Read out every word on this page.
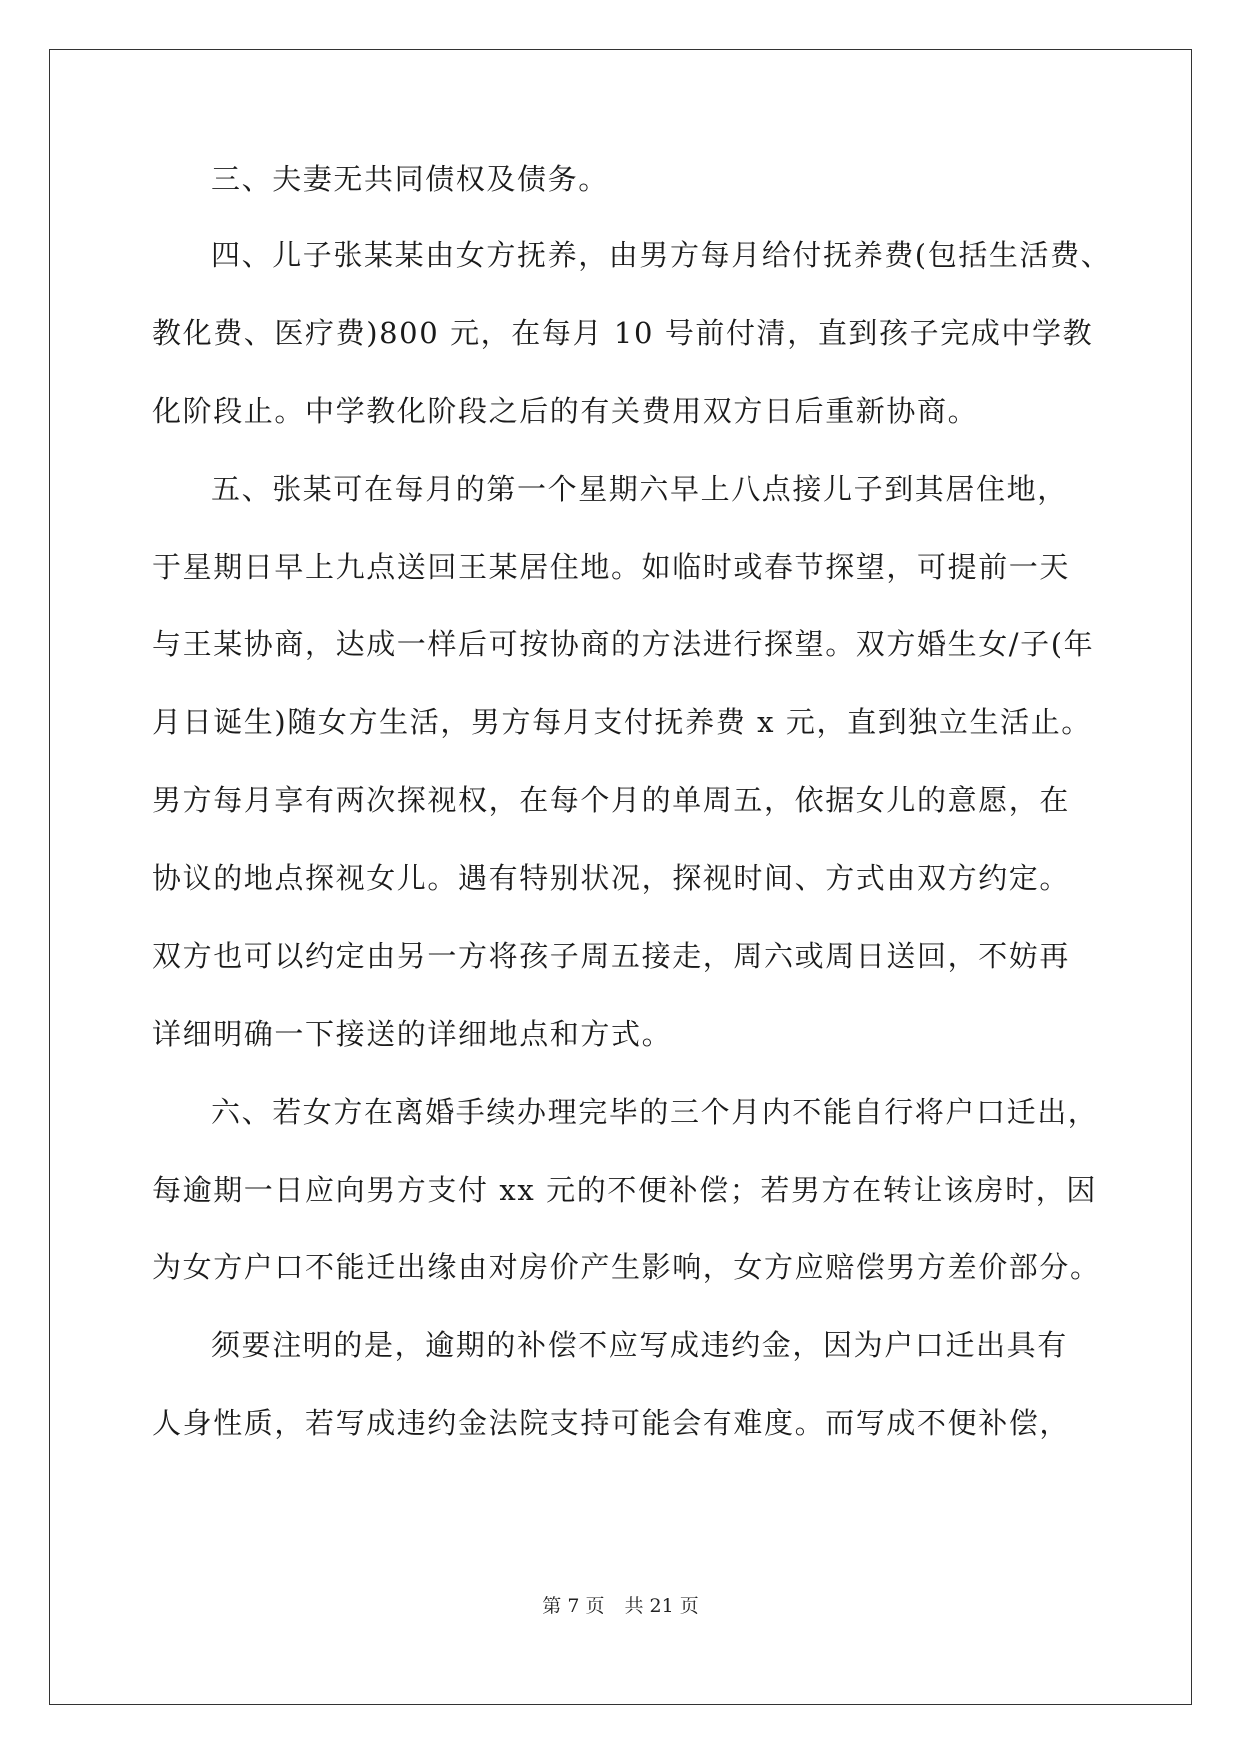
三、夫妻无共同债权及债务。
四、儿子张某某由女方抚养，由男方每月给付抚养费(包括生活费、
教化费、医疗费)800 元，在每月 10 号前付清，直到孩子完成中学教
化阶段止。中学教化阶段之后的有关费用双方日后重新协商。
五、张某可在每月的第一个星期六早上八点接儿子到其居住地，
于星期日早上九点送回王某居住地。如临时或春节探望，可提前一天
与王某协商，达成一样后可按协商的方法进行探望。双方婚生女/子(年
月日诞生)随女方生活，男方每月支付抚养费 x 元，直到独立生活止。
男方每月享有两次探视权，在每个月的单周五，依据女儿的意愿，在
协议的地点探视女儿。遇有特别状况，探视时间、方式由双方约定。
双方也可以约定由另一方将孩子周五接走，周六或周日送回，不妨再
详细明确一下接送的详细地点和方式。
六、若女方在离婚手续办理完毕的三个月内不能自行将户口迁出，
每逾期一日应向男方支付 xx 元的不便补偿；若男方在转让该房时，因
为女方户口不能迁出缘由对房价产生影响，女方应赔偿男方差价部分。
须要注明的是，逾期的补偿不应写成违约金，因为户口迁出具有
人身性质，若写成违约金法院支持可能会有难度。而写成不便补偿，
第 7 页 共 21 页
